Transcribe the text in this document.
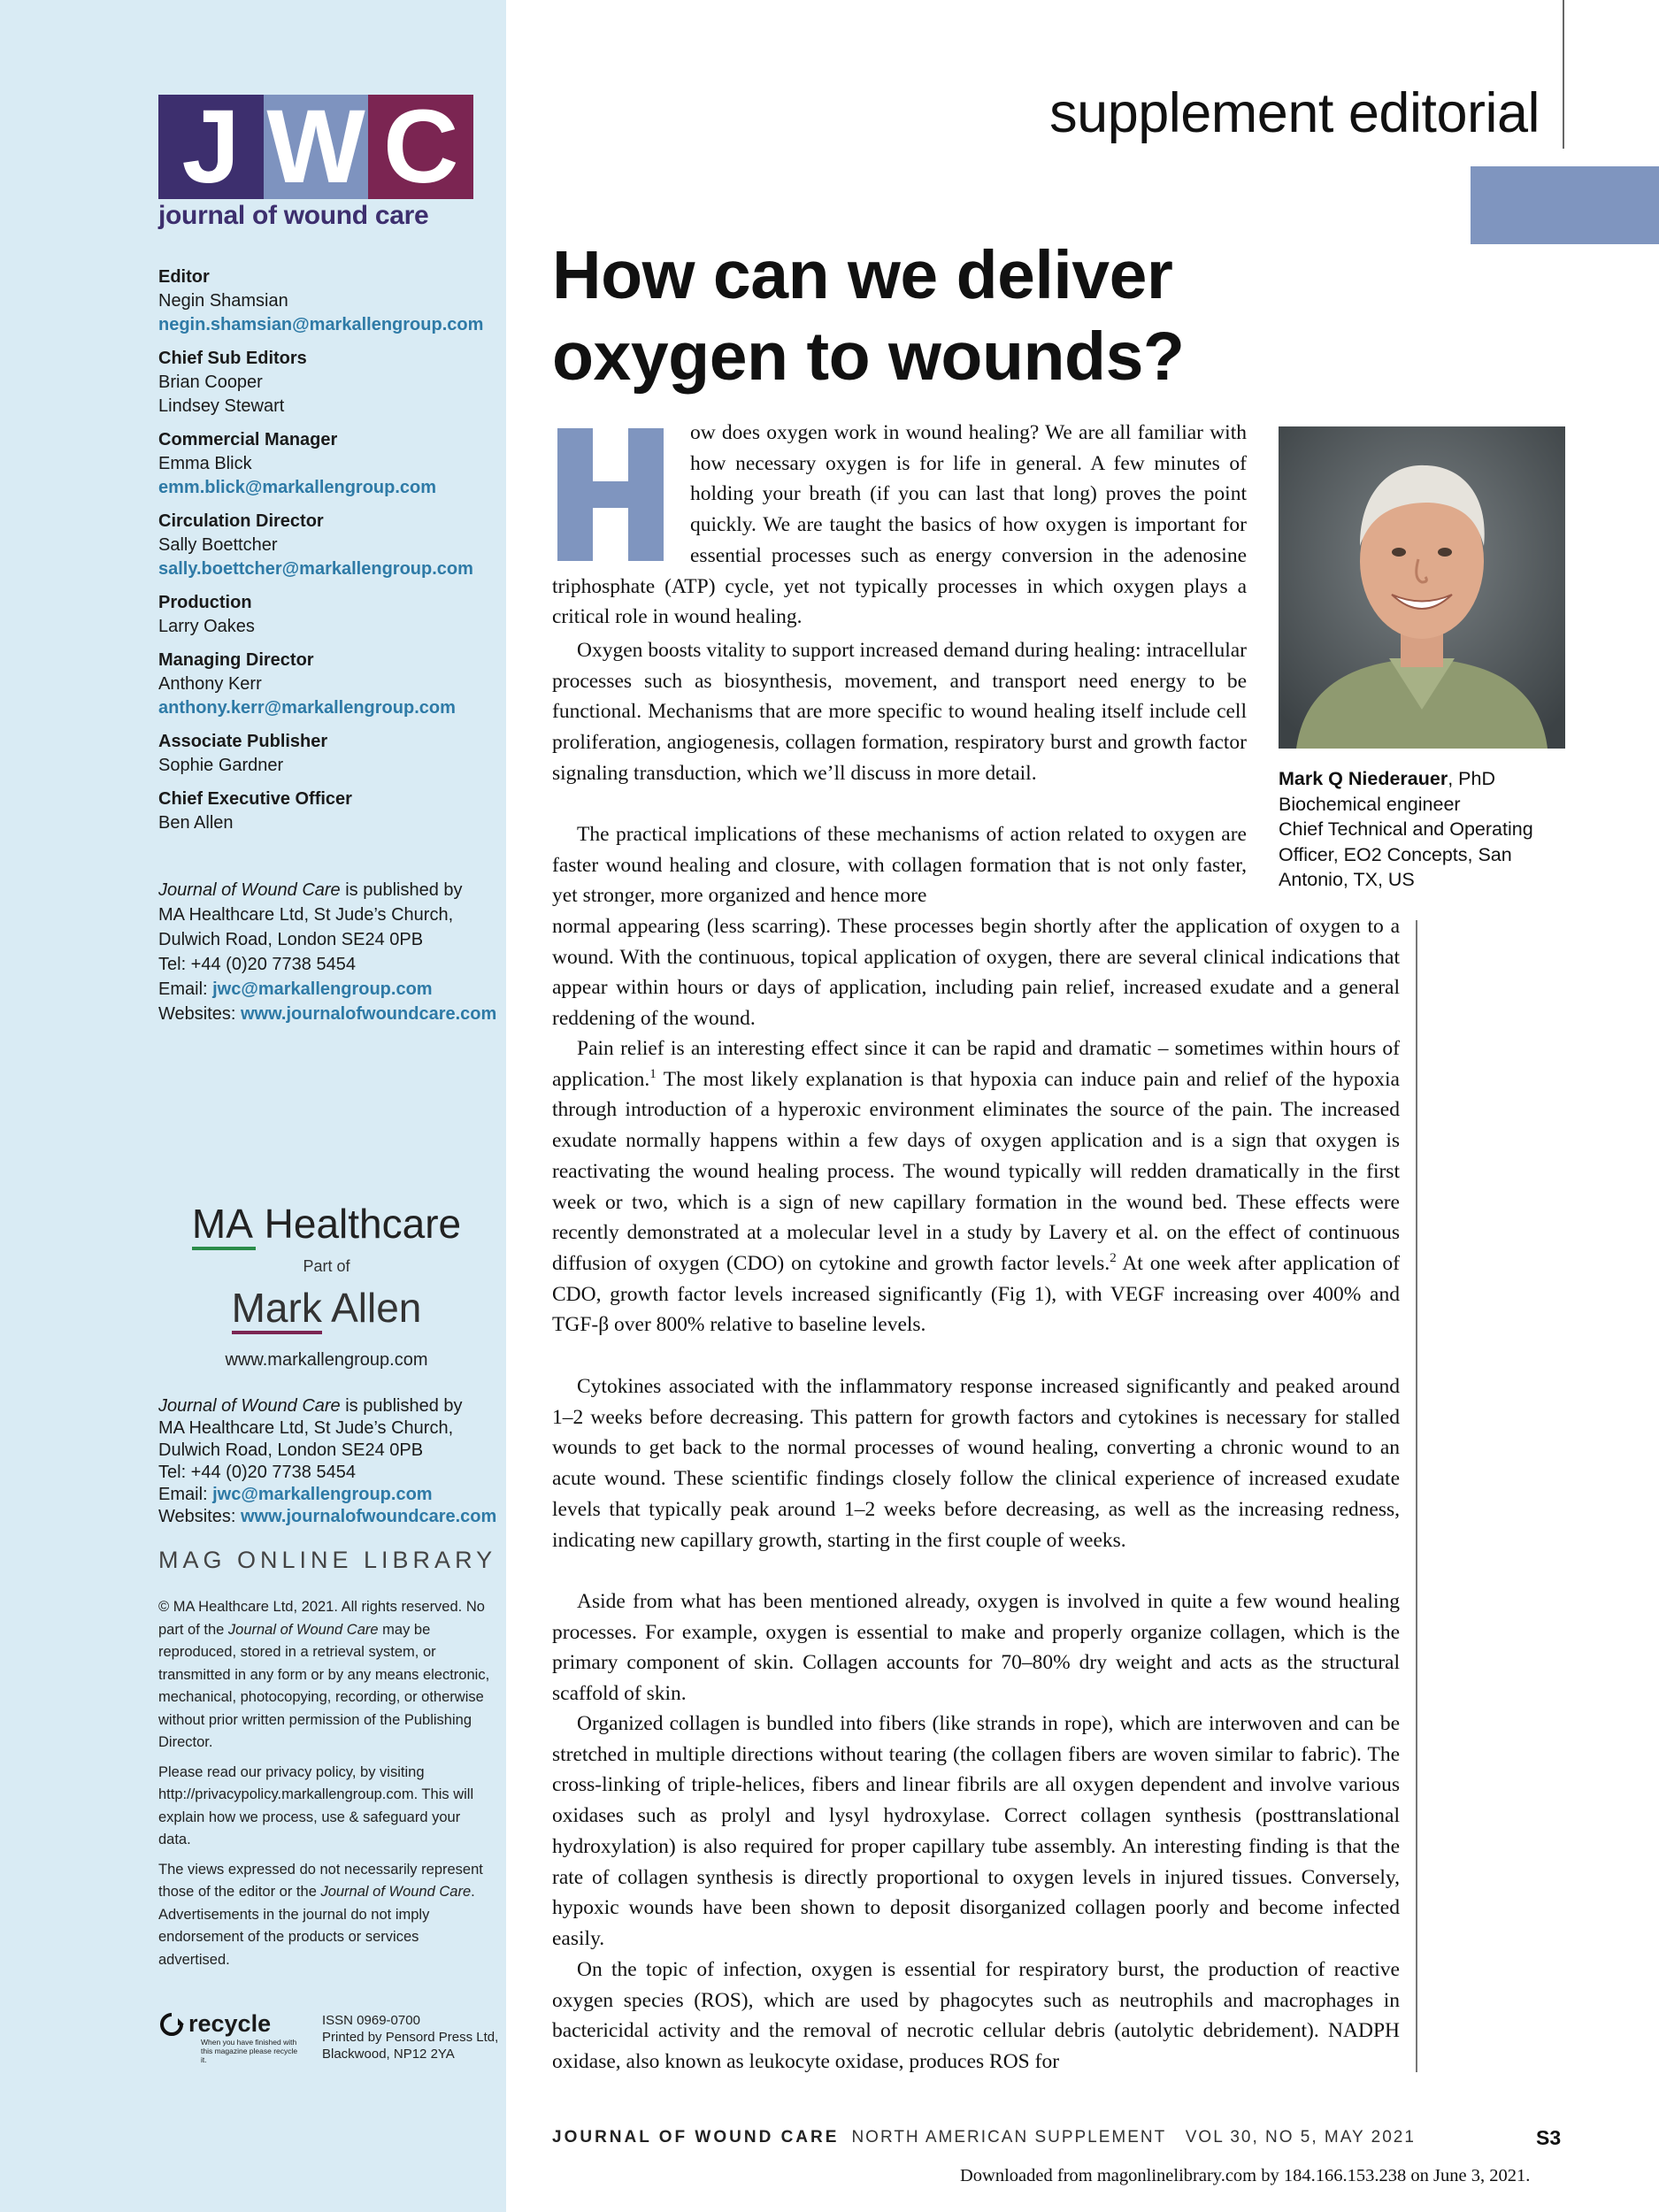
J W C
journal of wound care
Editor
Negin Shamsian
negin.shamsian@markallengroup.com
Chief Sub Editors
Brian Cooper
Lindsey Stewart
Commercial Manager
Emma Blick
emm.blick@markallengroup.com
Circulation Director
Sally Boettcher
sally.boettcher@markallengroup.com
Production
Larry Oakes
Managing Director
Anthony Kerr
anthony.kerr@markallengroup.com
Associate Publisher
Sophie Gardner
Chief Executive Officer
Ben Allen
Journal of Wound Care is published by
MA Healthcare Ltd, St Jude’s Church,
Dulwich Road, London SE24 0PB
Tel: +44 (0)20 7738 5454
Email: jwc@markallengroup.com
Websites: www.journalofwoundcare.com
MA
Healthcare
Part of
Mark
Allen
www.markallengroup.com
Journal of Wound Care is published by
MA Healthcare Ltd, St Jude’s Church,
Dulwich Road, London SE24 0PB
Tel: +44 (0)20 7738 5454
Email: jwc@markallengroup.com
Websites: www.journalofwoundcare.com
MAG ONLINE LIBRARY

© MA Healthcare Ltd, 2021. All rights reserved. No part of the Journal of Wound Care may be reproduced, stored in a retrieval system, or transmitted in any form or by any means electronic, mechanical, photocopying, recording, or otherwise without prior written permission of the Publishing Director.

Please read our privacy policy, by visiting http://privacypolicy.markallengroup.com. This will explain how we process, use & safeguard your data.

The views expressed do not necessarily represent those of the editor or the Journal of Wound Care. Advertisements in the journal do not imply endorsement of the products or services advertised.

recycle
When you have finished with
this magazine please recycle it.
ISSN 0969-0700
Printed by Pensord Press Ltd,
Blackwood, NP12 2YA
supplement editorial
How can we deliver
oxygen to wounds?
Mark Q Niederauer, PhD
Biochemical engineer
Chief Technical and Operating Officer, EO2 Concepts, San Antonio, TX, US
H

ow does oxygen work in wound healing? We are all familiar with how necessary oxygen is for life in general. A few minutes of holding your breath (if you can last that long) proves the point quickly. We are taught the basics of how oxygen is important for essential processes such as energy conversion in the adenosine triphosphate (ATP) cycle, yet not typically processes in which oxygen plays a critical role in wound healing.

Oxygen boosts vitality to support increased demand during healing: intracellular processes such as biosynthesis, movement, and transport need energy to be functional. Mechanisms that are more specific to wound healing itself include cell proliferation, angiogenesis, collagen formation, respiratory burst and growth factor signaling transduction, which we’ll discuss in more detail.

The practical implications of these mechanisms of action related to oxygen are faster wound healing and closure, with collagen formation that is not only faster, yet stronger, more organized and hence more

normal appearing (less scarring). These processes begin shortly after the application of oxygen to a wound. With the continuous, topical application of oxygen, there are several clinical indications that appear within hours or days of application, including pain relief, increased exudate and a general reddening of the wound.

Pain relief is an interesting effect since it can be rapid and dramatic – sometimes within hours of application.$^1$ The most likely explanation is that hypoxia can induce pain and relief of the hypoxia through introduction of a hyperoxic environment eliminates the source of the pain. The increased exudate normally happens within a few days of oxygen application and is a sign that oxygen is reactivating the wound healing process. The wound typically will redden dramatically in the first week or two, which is a sign of new capillary formation in the wound bed. These effects were recently demonstrated at a molecular level in a study by Lavery et al. on the effect of continuous diffusion of oxygen (CDO) on cytokine and growth factor levels.$^2$ At one week after application of CDO, growth factor levels increased significantly (Fig 1), with VEGF increasing over 400% and TGF-β over 800% relative to baseline levels.

Cytokines associated with the inflammatory response increased significantly and peaked around 1–2 weeks before decreasing. This pattern for growth factors and cytokines is necessary for stalled wounds to get back to the normal processes of wound healing, converting a chronic wound to an acute wound. These scientific findings closely follow the clinical experience of increased exudate levels that typically peak around 1–2 weeks before decreasing, as well as the increasing redness, indicating new capillary growth, starting in the first couple of weeks.

Aside from what has been mentioned already, oxygen is involved in quite a few wound healing processes. For example, oxygen is essential to make and properly organize collagen, which is the primary component of skin. Collagen accounts for 70–80% dry weight and acts as the structural scaffold of skin.

Organized collagen is bundled into fibers (like strands in rope), which are interwoven and can be stretched in multiple directions without tearing (the collagen fibers are woven similar to fabric). The cross-linking of triple-helices, fibers and linear fibrils are all oxygen dependent and involve various oxidases such as prolyl and lysyl hydroxylase. Correct collagen synthesis (posttranslational hydroxylation) is also required for proper capillary tube assembly. An interesting finding is that the rate of collagen synthesis is directly proportional to oxygen levels in injured tissues. Conversely, hypoxic wounds have been shown to deposit disorganized collagen poorly and become infected easily.

On the topic of infection, oxygen is essential for respiratory burst, the production of reactive oxygen species (ROS), which are used by phagocytes such as neutrophils and macrophages in bactericidal activity and the removal of necrotic cellular debris (autolytic debridement). NADPH oxidase, also known as leukocyte oxidase, produces ROS for

JOURNAL OF WOUND CARE NORTH AMERICAN SUPPLEMENT   VOL 30, NO 5, MAY 2021	S3
Downloaded from magonlinelibrary.com by 184.166.153.238 on June 3, 2021.
